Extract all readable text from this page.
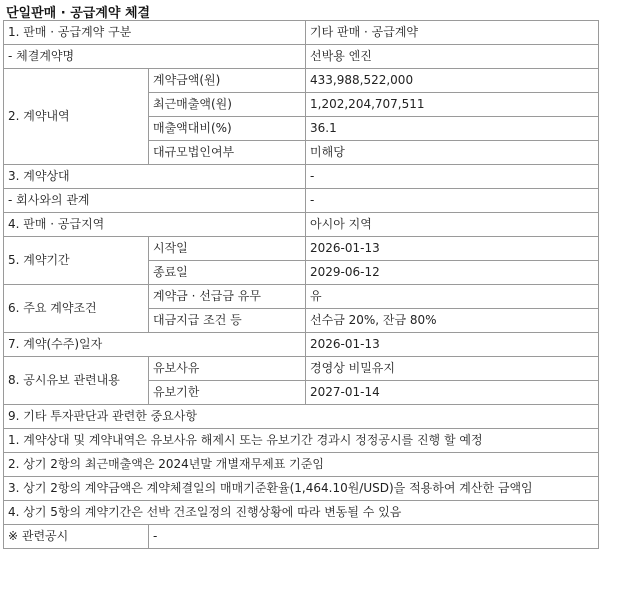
단일판매 · 공급계약 체결
1. 판매 · 공급계약 구분		기타 판매 · 공급계약
- 체결계약명		선박용 엔진
2. 계약내역	계약금액(원)	433,988,522,000
	최근매출액(원)	1,202,204,707,511
	매출액대비(%)	36.1
	대규모법인여부	미해당
3. 계약상대		-
- 회사와의 관계		-
4. 판매 · 공급지역		아시아 지역
5. 계약기간	시작일	2026-01-13
	종료일	2029-06-12
6. 주요 계약조건	계약금 · 선급금 유무	유
	대금지급 조건 등	선수금 20%, 잔금 80%
7. 계약(수주)일자		2026-01-13
8. 공시유보 관련내용	유보사유	경영상 비밀유지
	유보기한	2027-01-14
9. 기타 투자판단과 관련한 중요사항		
1. 계약상대 및 계약내역은 유보사유 해제시 또는 유보기간 경과시 정정공시를 진행 할 예정		
2. 상기 2항의 최근매출액은 2024년말 개별재무제표 기준임		
3. 상기 2항의 계약금액은 계약체결일의 매매기준환율(1,464.10원/USD)을 적용하여 계산한 금액임		
4. 상기 5항의 계약기간은 선박 건조일정의 진행상황에 따라 변동될 수 있음		
※ 관련공시	-	
